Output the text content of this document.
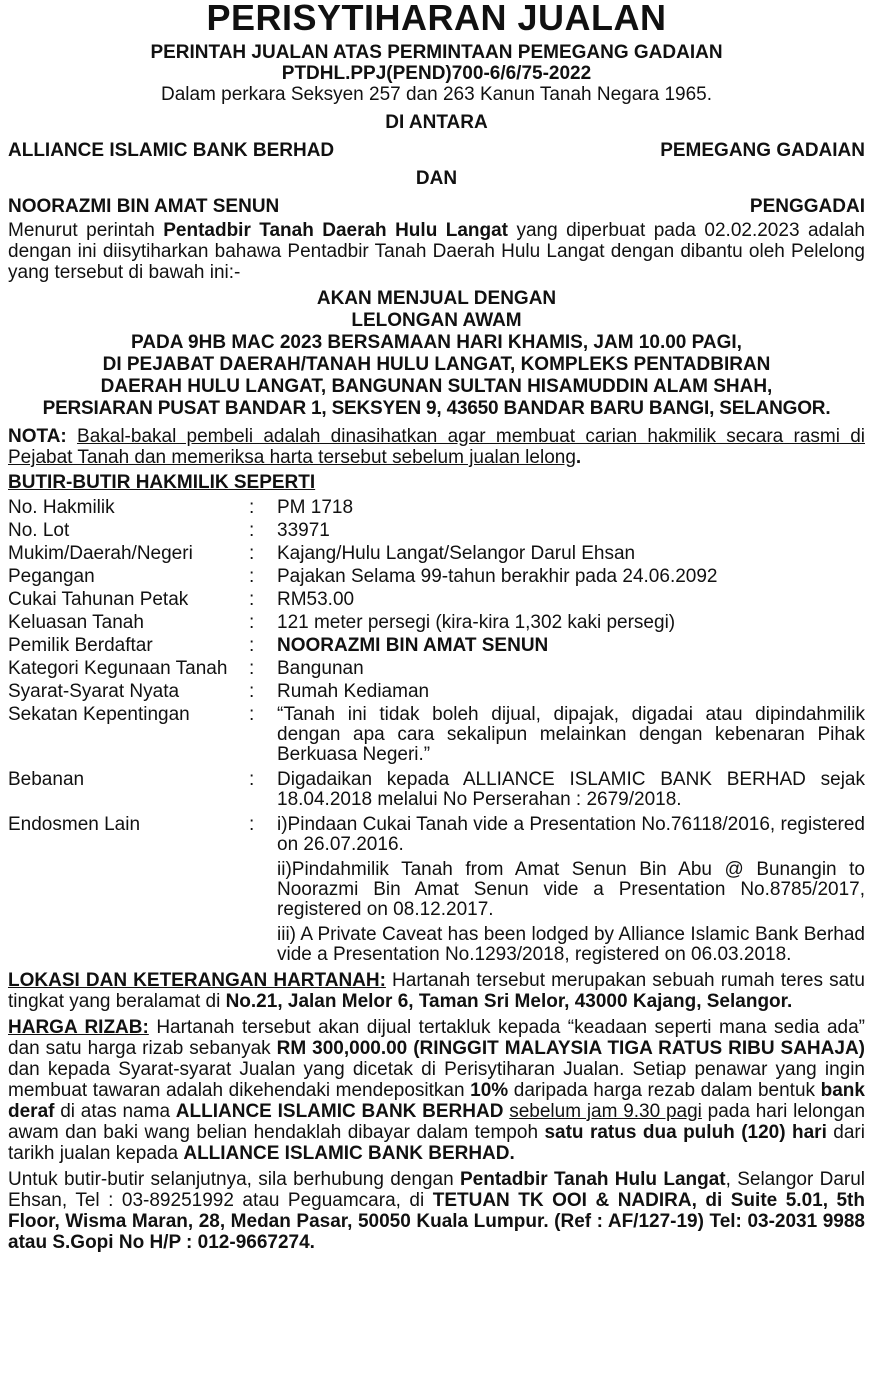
PERISYTIHARAN JUALAN
PERINTAH JUALAN ATAS PERMINTAAN PEMEGANG GADAIAN
PTDHL.PPJ(PEND)700-6/6/75-2022
Dalam perkara Seksyen 257 dan 263 Kanun Tanah Negara 1965.
DI ANTARA
ALLIANCE ISLAMIC BANK BERHAD	PEMEGANG GADAIAN
DAN
NOORAZMI BIN AMAT SENUN	PENGGADAI
Menurut perintah Pentadbir Tanah Daerah Hulu Langat yang diperbuat pada 02.02.2023 adalah dengan ini diisytiharkan bahawa Pentadbir Tanah Daerah Hulu Langat dengan dibantu oleh Pelelong yang tersebut di bawah ini:-
AKAN MENJUAL DENGAN
LELONGAN AWAM
PADA 9HB MAC 2023 BERSAMAAN HARI KHAMIS, JAM 10.00 PAGI,
DI PEJABAT DAERAH/TANAH HULU LANGAT, KOMPLEKS PENTADBIRAN
DAERAH HULU LANGAT, BANGUNAN SULTAN HISAMUDDIN ALAM SHAH,
PERSIARAN PUSAT BANDAR 1, SEKSYEN 9, 43650 BANDAR BARU BANGI, SELANGOR.
NOTA: Bakal-bakal pembeli adalah dinasihatkan agar membuat carian hakmilik secara rasmi di Pejabat Tanah dan memeriksa harta tersebut sebelum jualan lelong.
BUTIR-BUTIR HAKMILIK SEPERTI
No. Hakmilik	:	PM 1718
No. Lot	:	33971
Mukim/Daerah/Negeri	:	Kajang/Hulu Langat/Selangor Darul Ehsan
Pegangan	:	Pajakan Selama 99-tahun berakhir pada 24.06.2092
Cukai Tahunan Petak	:	RM53.00
Keluasan Tanah	:	121 meter persegi (kira-kira 1,302 kaki persegi)
Pemilik Berdaftar	:	NOORAZMI BIN AMAT SENUN
Kategori Kegunaan Tanah	:	Bangunan
Syarat-Syarat Nyata	:	Rumah Kediaman
Sekatan Kepentingan	:	“Tanah ini tidak boleh dijual, dipajak, digadai atau dipindahmilik dengan apa cara sekalipun melainkan dengan kebenaran Pihak Berkuasa Negeri.”
Bebanan	:	Digadaikan kepada ALLIANCE ISLAMIC BANK BERHAD sejak 18.04.2018 melalui No Perserahan : 2679/2018.
Endosmen Lain	:	i)Pindaan Cukai Tanah vide a Presentation No.76118/2016, registered on 26.07.2016.
ii)Pindahmilik Tanah from Amat Senun Bin Abu @ Bunangin to Noorazmi Bin Amat Senun vide a Presentation No.8785/2017, registered on 08.12.2017.
iii) A Private Caveat has been lodged by Alliance Islamic Bank Berhad vide a Presentation No.1293/2018, registered on 06.03.2018.
LOKASI DAN KETERANGAN HARTANAH: Hartanah tersebut merupakan sebuah rumah teres satu tingkat yang beralamat di No.21, Jalan Melor 6, Taman Sri Melor, 43000 Kajang, Selangor.
HARGA RIZAB: Hartanah tersebut akan dijual tertakluk kepada “keadaan seperti mana sedia ada” dan satu harga rizab sebanyak RM 300,000.00 (RINGGIT MALAYSIA TIGA RATUS RIBU SAHAJA) dan kepada Syarat-syarat Jualan yang dicetak di Perisytiharan Jualan. Setiap penawar yang ingin membuat tawaran adalah dikehendaki mendepositkan 10% daripada harga rezab dalam bentuk bank deraf di atas nama ALLIANCE ISLAMIC BANK BERHAD sebelum jam 9.30 pagi pada hari lelongan awam dan baki wang belian hendaklah dibayar dalam tempoh satu ratus dua puluh (120) hari dari tarikh jualan kepada ALLIANCE ISLAMIC BANK BERHAD.
Untuk butir-butir selanjutnya, sila berhubung dengan Pentadbir Tanah Hulu Langat, Selangor Darul Ehsan, Tel : 03-89251992 atau Peguamcara, di TETUAN TK OOI & NADIRA, di Suite 5.01, 5th Floor, Wisma Maran, 28, Medan Pasar, 50050 Kuala Lumpur. (Ref : AF/127-19) Tel: 03-2031 9988 atau S.Gopi No H/P : 012-9667274.
